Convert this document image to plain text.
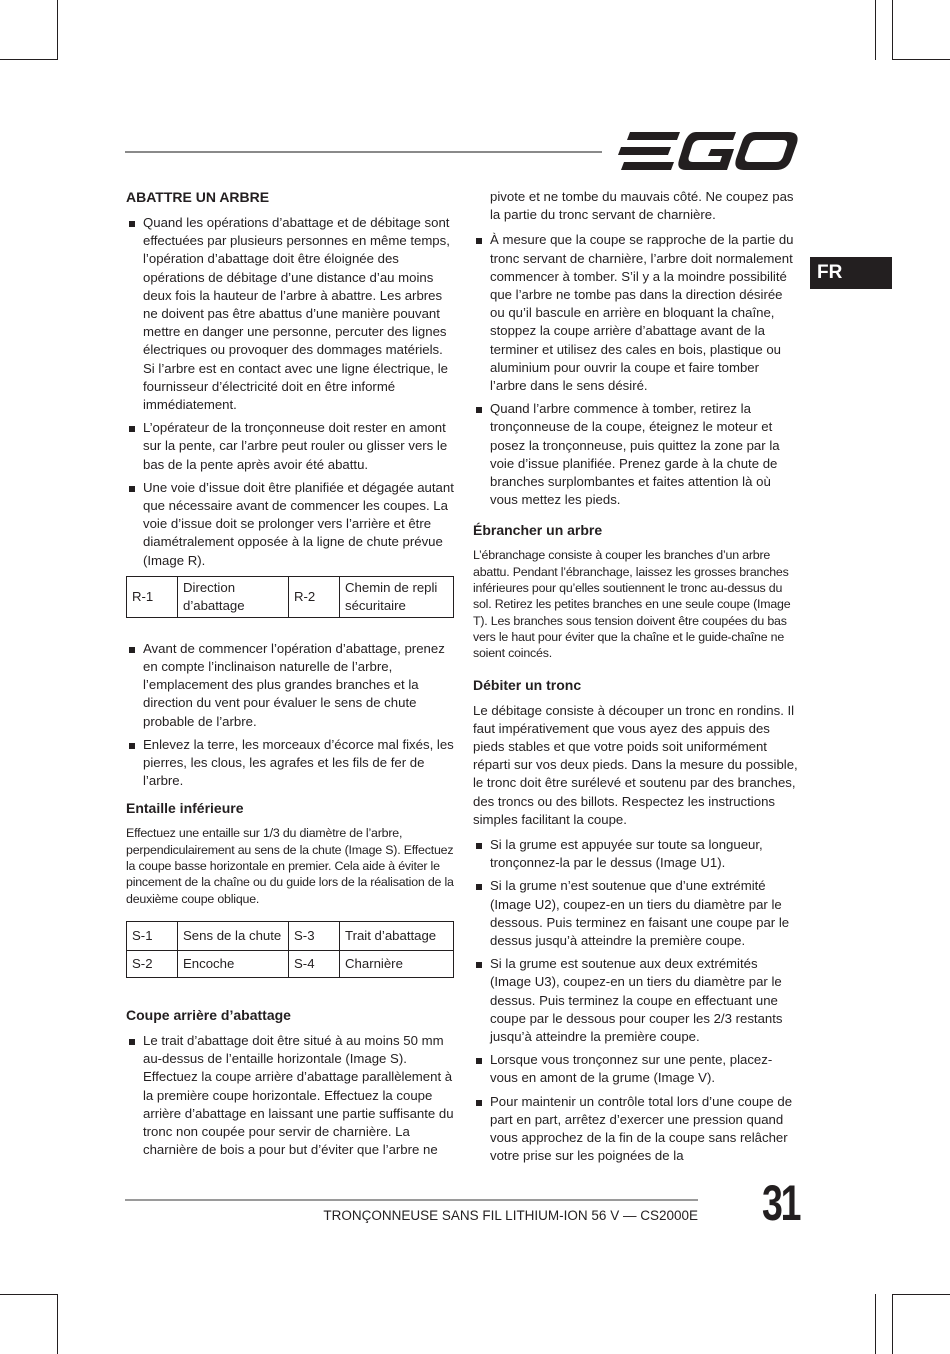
FR
ABATTRE UN ARBRE
Quand les opérations d’abattage et de débitage sont effectuées par plusieurs personnes en même temps, l’opération d’abattage doit être éloignée des opérations de débitage d’une distance d’au moins deux fois la hauteur de l’arbre à abattre. Les arbres ne doivent pas être abattus d’une manière pouvant mettre en danger une personne, percuter des lignes électriques ou provoquer des dommages matériels. Si l’arbre est en contact avec une ligne électrique, le fournisseur d’électricité doit en être informé immédiatement.
L’opérateur de la tronçonneuse doit rester en amont sur la pente, car l’arbre peut rouler ou glisser vers le bas de la pente après avoir été abattu.
Une voie d’issue doit être planifiée et dégagée autant que nécessaire avant de commencer les coupes. La voie d’issue doit se prolonger vers l’arrière et être diamétralement opposée à la ligne de chute prévue (Image R).
R-1	Direction d’abattage	R-2	Chemin de repli sécuritaire
Avant de commencer l’opération d’abattage, prenez en compte l’inclinaison naturelle de l’arbre, l’emplacement des plus grandes branches et la direction du vent pour évaluer le sens de chute probable de l’arbre.
Enlevez la terre, les morceaux d’écorce mal fixés, les pierres, les clous, les agrafes et les fils de fer de l’arbre.
Entaille inférieure
Effectuez une entaille sur 1/3 du diamètre de l’arbre, perpendiculairement au sens de la chute (Image S). Effectuez la coupe basse horizontale en premier. Cela aide à éviter le pincement de la chaîne ou du guide lors de la réalisation de la deuxième coupe oblique.
S-1	Sens de la chute	S-3	Trait d’abattage
S-2	Encoche	S-4	Charnière
Coupe arrière d’abattage
Le trait d’abattage doit être situé à au moins 50 mm au-dessus de l’entaille horizontale (Image S). Effectuez la coupe arrière d’abattage parallèlement à la première coupe horizontale. Effectuez la coupe arrière d’abattage en laissant une partie suffisante du tronc non coupée pour servir de charnière. La charnière de bois a pour but d’éviter que l’arbre ne
pivote et ne tombe du mauvais côté. Ne coupez pas la partie du tronc servant de charnière.
À mesure que la coupe se rapproche de la partie du tronc servant de charnière, l’arbre doit normalement commencer à tomber. S’il y a la moindre possibilité que l’arbre ne tombe pas dans la direction désirée ou qu’il bascule en arrière en bloquant la chaîne, stoppez la coupe arrière d’abattage avant de la terminer et utilisez des cales en bois, plastique ou aluminium pour ouvrir la coupe et faire tomber l’arbre dans le sens désiré.
Quand l’arbre commence à tomber, retirez la tronçonneuse de la coupe, éteignez le moteur et posez la tronçonneuse, puis quittez la zone par la voie d’issue planifiée. Prenez garde à la chute de branches surplombantes et faites attention là où vous mettez les pieds.
Ébrancher un arbre
L’ébranchage consiste à couper les branches d’un arbre abattu. Pendant l’ébranchage, laissez les grosses branches inférieures pour qu’elles soutiennent le tronc au-dessus du sol. Retirez les petites branches en une seule coupe (Image T). Les branches sous tension doivent être coupées du bas vers le haut pour éviter que la chaîne et le guide-chaîne ne soient coincés.
Débiter un tronc
Le débitage consiste à découper un tronc en rondins. Il faut impérativement que vous ayez des appuis des pieds stables et que votre poids soit uniformément réparti sur vos deux pieds. Dans la mesure du possible, le tronc doit être surélevé et soutenu par des branches, des troncs ou des billots. Respectez les instructions simples facilitant la coupe.
Si la grume est appuyée sur toute sa longueur, tronçonnez-la par le dessus (Image U1).
Si la grume n’est soutenue que d’une extrémité (Image U2), coupez-en un tiers du diamètre par le dessous. Puis terminez en faisant une coupe par le dessus jusqu’à atteindre la première coupe.
Si la grume est soutenue aux deux extrémités (Image U3), coupez-en un tiers du diamètre par le dessus. Puis terminez la coupe en effectuant une coupe par le dessous pour couper les 2/3 restants jusqu’à atteindre la première coupe.
Lorsque vous tronçonnez sur une pente, placez-vous en amont de la grume (Image V).
Pour maintenir un contrôle total lors d’une coupe de part en part, arrêtez d’exercer une pression quand vous approchez de la fin de la coupe sans relâcher votre prise sur les poignées de la
TRONÇONNEUSE SANS FIL LITHIUM-ION 56 V — CS2000E 31
